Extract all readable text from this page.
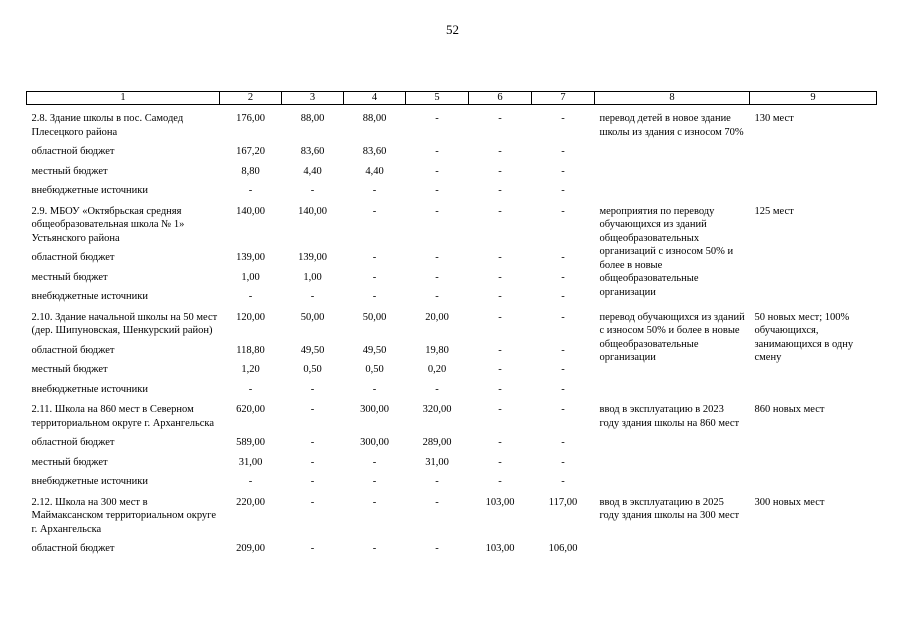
52
1	2	3	4	5	6	7	8	9
2.8. Здание школы в пос. Самодед Плесецкого района	176,00	88,00	88,00	-	-	-	перевод детей в новое здание школы из здания с износом 70%	130 мест
областной бюджет	167,20	83,60	83,60	-	-	-		
местный бюджет	8,80	4,40	4,40	-	-	-		
внебюджетные источники	-	-	-	-	-	-		
2.9. МБОУ «Октябрьская средняя общеобразовательная школа № 1» Устьянского района	140,00	140,00	-	-	-	-	мероприятия по переводу обучающихся из зданий общеобразовательных организаций с износом 50% и более в новые общеобразовательные организации	125 мест
областной бюджет	139,00	139,00	-	-	-	-		
местный бюджет	1,00	1,00	-	-	-	-		
внебюджетные источники	-	-	-	-	-	-		
2.10. Здание начальной школы на 50 мест (дер. Шипуновская, Шенкурский район)	120,00	50,00	50,00	20,00	-	-	перевод обучающихся из зданий с износом 50% и более в новые общеобразовательные организации	50 новых мест; 100% обучающихся, занимающихся в одну смену
областной бюджет	118,80	49,50	49,50	19,80	-	-		
местный бюджет	1,20	0,50	0,50	0,20	-	-		
внебюджетные источники	-	-	-	-	-	-		
2.11. Школа на 860 мест в Северном территориальном округе г. Архангельска	620,00	-	300,00	320,00	-	-	ввод в эксплуатацию в 2023 году здания школы на 860 мест	860 новых мест
областной бюджет	589,00	-	300,00	289,00	-	-		
местный бюджет	31,00	-	-	31,00	-	-		
внебюджетные источники	-	-	-	-	-	-		
2.12. Школа на 300 мест в Маймаксанском территориальном округе г. Архангельска	220,00	-	-	-	103,00	117,00	ввод в эксплуатацию в 2025 году здания школы на 300 мест	300 новых мест
областной бюджет	209,00	-	-	-	103,00	106,00		
